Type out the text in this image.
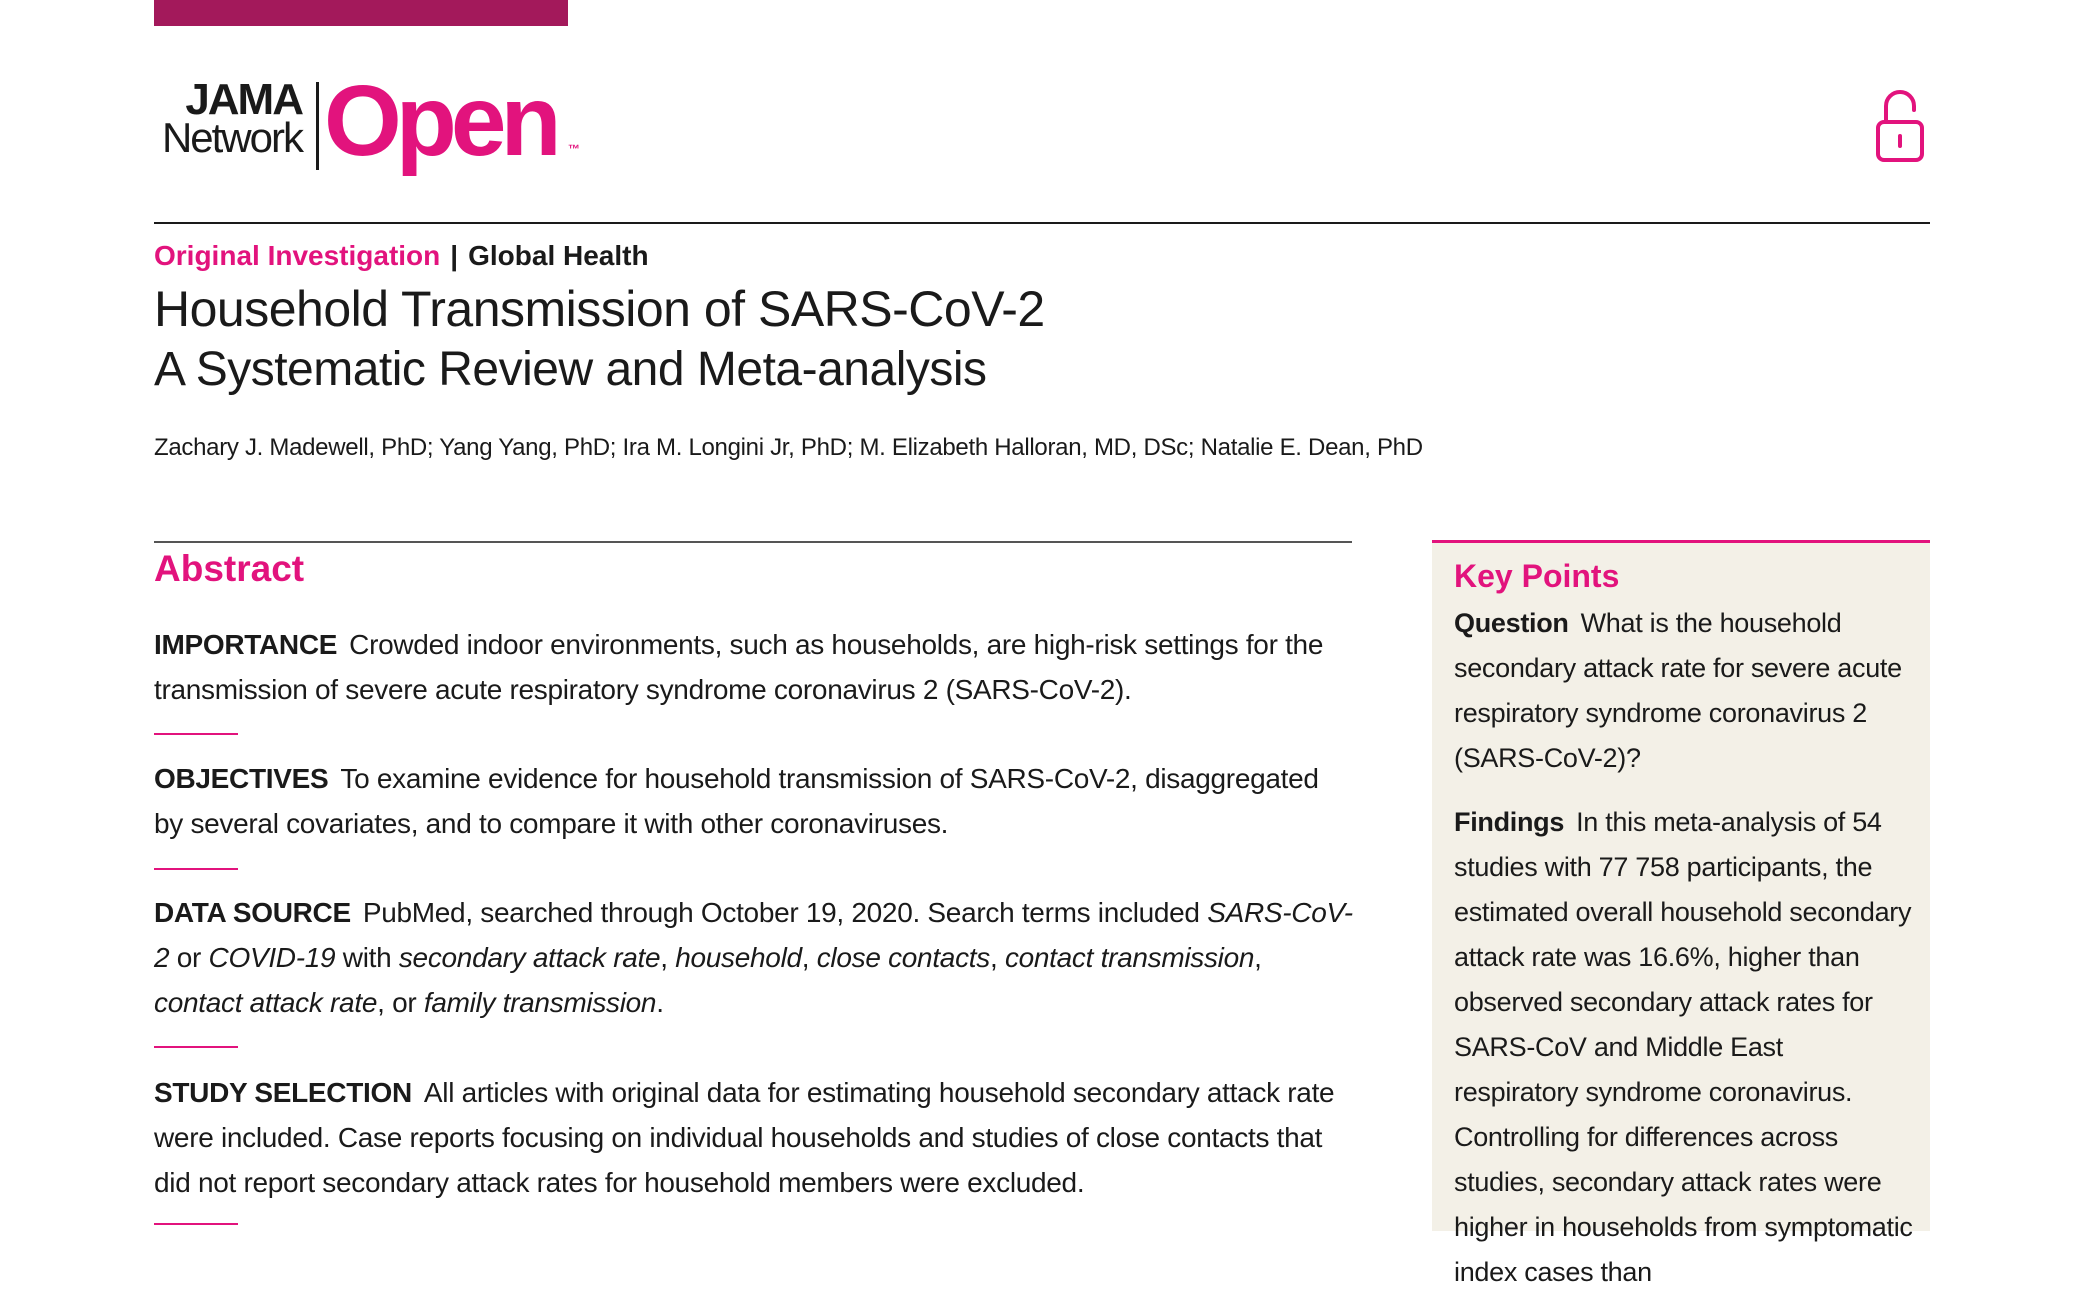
JAMA
Network Open ™
Original Investigation | Global Health
Household Transmission of SARS-CoV-2
A Systematic Review and Meta-analysis
Zachary J. Madewell, PhD; Yang Yang, PhD; Ira M. Longini Jr, PhD; M. Elizabeth Halloran, MD, DSc; Natalie E. Dean, PhD
Abstract
IMPORTANCE Crowded indoor environments, such as households, are high-risk settings for the transmission of severe acute respiratory syndrome coronavirus 2 (SARS-CoV-2).
OBJECTIVES To examine evidence for household transmission of SARS-CoV-2, disaggregated by several covariates, and to compare it with other coronaviruses.
DATA SOURCE PubMed, searched through October 19, 2020. Search terms included SARS-CoV-2 or COVID-19 with secondary attack rate, household, close contacts, contact transmission, contact attack rate, or family transmission.
STUDY SELECTION All articles with original data for estimating household secondary attack rate were included. Case reports focusing on individual households and studies of close contacts that did not report secondary attack rates for household members were excluded.
Key Points
Question What is the household secondary attack rate for severe acute respiratory syndrome coronavirus 2 (SARS-CoV-2)?
Findings In this meta-analysis of 54 studies with 77 758 participants, the estimated overall household secondary attack rate was 16.6%, higher than observed secondary attack rates for SARS-CoV and Middle East respiratory syndrome coronavirus. Controlling for differences across studies, secondary attack rates were higher in households from symptomatic index cases than
